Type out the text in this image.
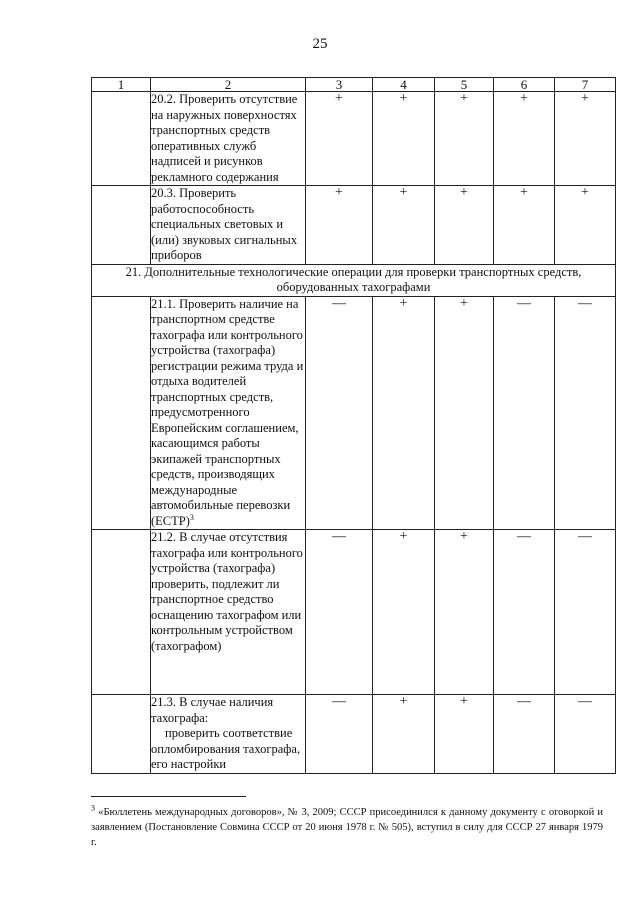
25
1	2	3	4	5	6	7
	20.2. Проверить отсутствие на наружных поверхностях транспортных средств оперативных служб надписей и рисунков рекламного содержания	+	+	+	+	+
	20.3. Проверить работоспособность специальных световых и (или) звуковых сигнальных приборов	+	+	+	+	+
21. Дополнительные технологические операции для проверки транспортных средств, оборудованных тахографами						
	21.1. Проверить наличие на транспортном средстве тахографа или контрольного устройства (тахографа) регистрации режима труда и отдыха водителей транспортных средств, предусмотренного Европейским соглашением, касающимся работы экипажей транспортных средств, производящих международные автомобильные перевозки (ЕСТР)$^3$	—	+	+	—	—
	21.2. В случае отсутствия тахографа или контрольного устройства (тахографа) проверить, подлежит ли транспортное средство оснащению тахографом или контрольным устройством (тахографом)	—	+	+	—	—

	21.3. В случае наличия тахографа:
проверить соответствие опломбирования тахографа, его настройки	—	+	+	—	—
$^3$ «Бюллетень международных договоров», № 3, 2009; СССР присоединился к данному документу с оговоркой и заявлением (Постановление Совмина СССР от 20 июня 1978 г. № 505), вступил в силу для СССР 27 января 1979 г.
